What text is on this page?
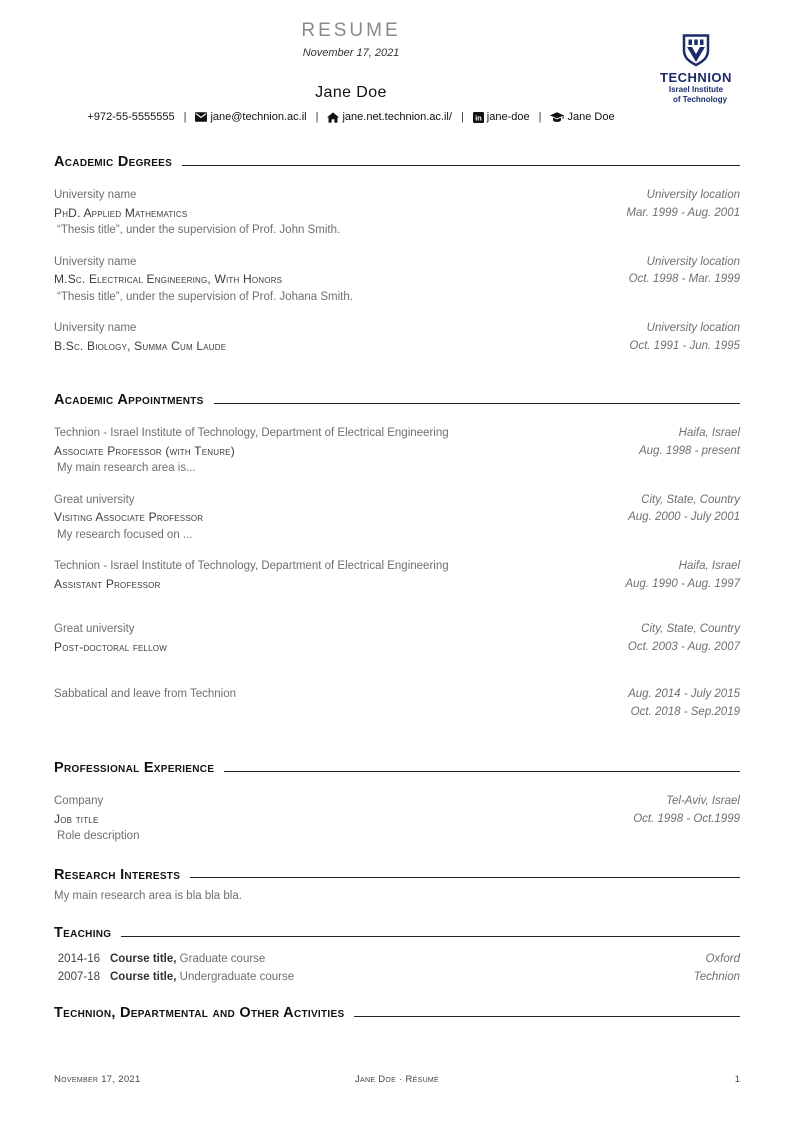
TECHNION
Israel Institute
of Technology
RESUME
November 17, 2021
Jane Doe
+972-55-5555555 | jane@technion.ac.il | jane.net.technion.ac.il/ | in jane-doe | Jane Doe
Academic Degrees
University name	University location
PhD. Applied Mathematics	Mar. 1999 - Aug. 2001
“Thesis title”, under the supervision of Prof. John Smith.
University name	University location
M.Sc. Electrical Engineering, With Honors	Oct. 1998 - Mar. 1999
“Thesis title”, under the supervision of Prof. Johana Smith.
University name	University location
B.Sc. Biology, Summa Cum Laude	Oct. 1991 - Jun. 1995
Academic Appointments
Technion - Israel Institute of Technology, Department of Electrical Engineering	Haifa, Israel
Associate Professor (with Tenure)	Aug. 1998 - present
My main research area is...
Great university	City, State, Country
Visiting Associate Professor	Aug. 2000 - July 2001
My research focused on ...
Technion - Israel Institute of Technology, Department of Electrical Engineering	Haifa, Israel
Assistant Professor	Aug. 1990 - Aug. 1997
Great university	City, State, Country
Post-doctoral fellow	Oct. 2003 - Aug. 2007
Sabbatical and leave from Technion	Aug. 2014 - July 2015
Oct. 2018 - Sep.2019
Professional Experience
Company	Tel-Aviv, Israel
Job title	Oct. 1998 - Oct.1999
Role description
Research Interests

My main research area is bla bla bla.

Teaching
2014-16 Course title, Graduate course	Oxford
2007-18 Course title, Undergraduate course	Technion
Technion, Departmental and Other Activities
November 17, 2021	Jane Doe · Résumé	1
